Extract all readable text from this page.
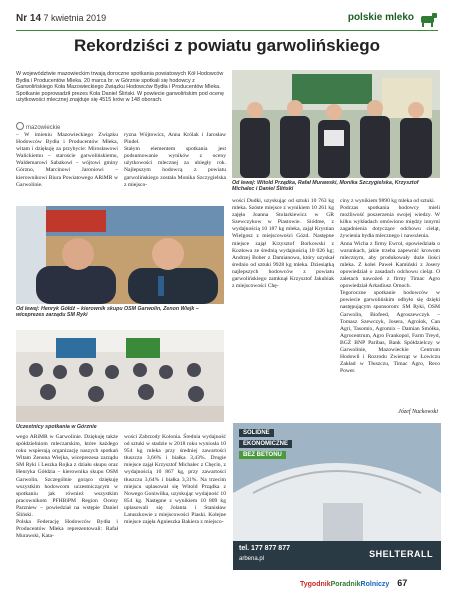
Nr 14 7 kwietnia 2019	polskie mleko
Rekordziści z powiatu garwolińskiego

W województwie mazowieckim trwają doroczne spotkania powiatowych Kół Hodowców Bydła i Producentów Mleka. 20 marca br. w Górznie spotkali się hodowcy z Garwolińskiego Koła Mazowieckiego Związku Hodowców Bydła i Producentów Mleka. Spotkanie poprowadził prezes Koła Daniel Śliński. W powiecie garwolińskim pod ocenę użytkowości mlecznej znajduje się 4515 krów w 148 oborach.

mazowieckie

Od lewej: Witold Prządka, Rafał Murawski, Monika Szczygielska, Krzysztof Michalec i Daniel Śliński

– W imieniu Mazowieckiego Związku Hodowców Bydła i Producentów Mleka, witam i dziękuję za przybycie: Mirosławowi Walickiemu – staroście garwolińskiemu, Waldemarowi Sabakowi – wójtowi gminy Górzno, Marcinowi Jaroniowi – kierownikowi Biura Powiatowego ARiMR w Garwolinie.

ryzna Wójtowicz, Anna Królak i Jarosław Pindel.
Stałym elementem spotkania jest podsumowanie wyników z oceny użytkowości mlecznej za ubiegły rok. Najlepszym hodowcą z powiatu garwolińskiego została Monika Szczygielska z miejsco-

Od lewej: Henryk Gółdź – kierownik skupu OSM Garwolin, Zenon Wiejk – wiceprezes zarządu SM Ryki

wości Dudki, uzyskując od sztuki 10 763 kg mleka. Szóste miejsce z wynikiem 10 261 kg zajęła Joanna Stolarkiewicz w GR Szewczykow w Piastowie. Siódme, z wydajnością 10 187 kg mleka, zajął Krystian Wielgosz z miejscowości Gózd. Następne miejsce zajął Krzysztof Borkowski z Kozłowa ze średnią wydajnością 10 026 kg; Andrzej Bober z Damianowa, który uzyskał średnio od sztuki 9928 kg mleka. Dziesiątką najlepszych hodowców z powiatu garwolińskiego zamknął Krzysztof Jakubiak z miejscowości Chę-

ciny z wynikiem 9890 kg mleka od sztuki.
Podczas spotkania hodowcy mieli możliwość poszerzenia swojej wiedzy. W kilku wykładach omówiono między innymi zagadnienia dotyczące odchowu cieląt, żywienia bydła mlecznego i nawożenia.
Anna Wicha z firmy Ewrol, opowiedziała o warunkach, jakie trzeba zapewnić krowom mlecznym, aby produkowały duże ilości mleka. Z kolei Paweł Kamiński z Josery opowiedział o zasadach odchowu cieląt. O zaletach nawożeń z firmy Timac Agro opowiedział Arkadiusz Ornoch.
Tegoroczne spotkanie hodowców w powiecie garwolińskim odbyło się dzięki następującym sponsorom: SM Ryki, OSM Garwolin, Biofeed, Agroszewczyk – Tomasz Szewczyk, Josera, Agrolok, Can Agri, Tasomix, Agromix – Damian Smółka, Agrocentrum, Agro Frankopol, Farm Treyd, BGŻ BNP Paribas, Bank Spółdzielczy w Garwolinie, Mazowieckie Centrum Hodowli i Rozrodu Zwierząt w Łowiczu Zakład w Tłuszczu, Timac Agro, Reco Power.

Józef Nuckowski

Uczestnicy spotkania w Górznie

wego ARiMR w Garwolinie. Dziękuję także spółdzielniom mleczarskim, które każdego roku wspierają organizację naszych spotkań Witam Zenona Wiejka, wiceprezesa zarządu SM Ryki i Leszka Rojka z działu skupu oraz Henryka Gółdzia – kierownika skupu OSM Garwolin. Szczególnie gorąco dziękuję wszystkim hodowcom uczestniczącym w spotkaniu jak również wszystkim pracownikom PFHBiPM Region Oceny Parzniew – powiedział na wstępie Daniel Śliński.
Polska Federację Hodowców Bydła i Producentów Mleka reprezentowali: Rafał Murawski, Kata-

wości Zabrzody Kolonia. Średnia wydajność od sztuki w stadzie w 2018 roku wyniosła 10 954 kg mleka przy średniej zawartości tłuszczu 3,66% i białka 3,43%. Drugie miejsce zajął Krzysztof Michalec z Chęcin, z wydajnością 10 867 kg, przy zawartości tłuszczu 3,64% i białka 3,31%. Na trzecim miejscu uplasował się Witold Prządka z Nowego Goniwilka, uzyskując wydajność 10 854 kg. Następne z wynikiem 10 809 kg uplasowali się Jolanta i Stanisław Latuszkowie z miejscowości Piaski. Kolejne miejsce zajęła Agnieszka Bakiera z miejsco-

SOLIDNE
EKONOMICZNE
BEZ BETONU
tel. 177 877 877
arbena.pl	SHELTERALL
TygodnikPoradnikRolniczy 67
